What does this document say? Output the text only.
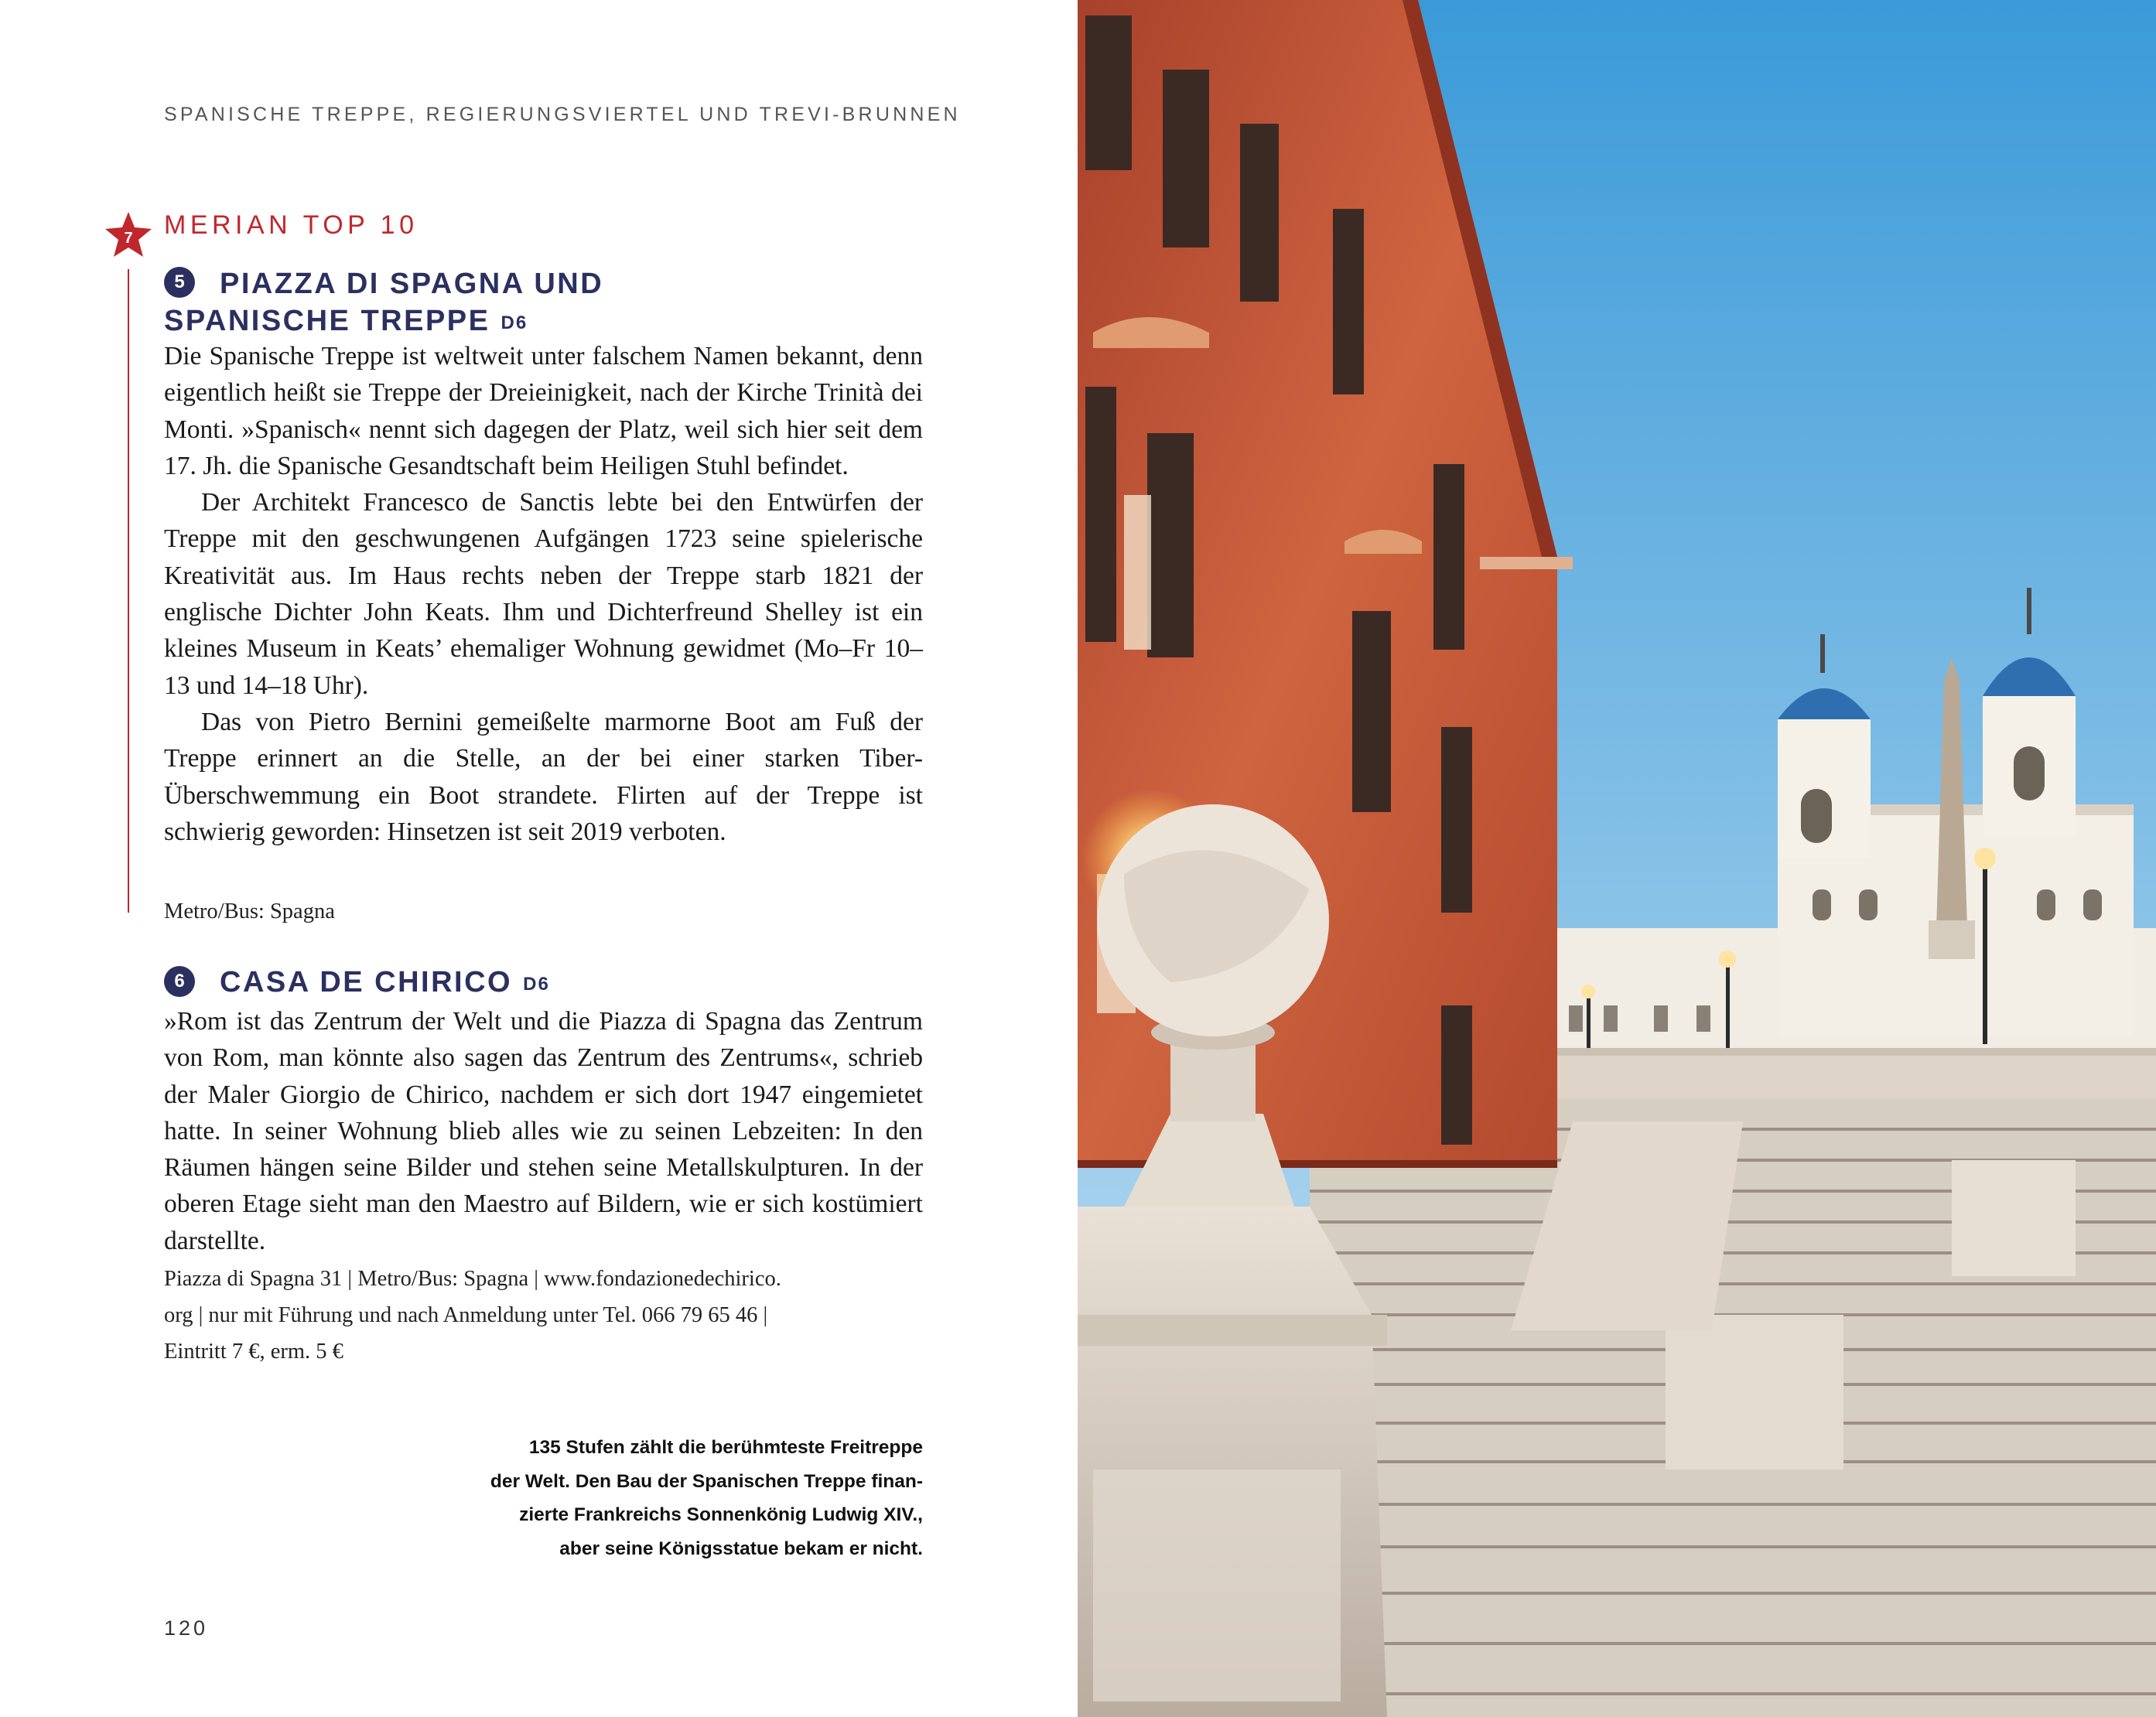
SPANISCHE TREPPE, REGIERUNGSVIERTEL UND TREVI-BRUNNEN
7 MERIAN TOP 10
5	PIAZZA DI SPAGNA UND
SPANISCHE TREPPE D6

Die Spanische Treppe ist weltweit unter falschem Namen bekannt, denn eigentlich heißt sie Treppe der Dreieinigkeit, nach der Kirche Trinità dei Monti. »Spanisch« nennt sich dagegen der Platz, weil sich hier seit dem 17. Jh. die Spanische Gesandtschaft beim Heiligen Stuhl befindet.

Der Architekt Francesco de Sanctis lebte bei den Entwürfen der Treppe mit den geschwungenen Aufgängen 1723 seine spielerische Kreativität aus. Im Haus rechts neben der Treppe starb 1821 der englische Dichter John Keats. Ihm und Dichterfreund Shelley ist ein kleines Museum in Keats’ ehemaliger Wohnung gewidmet (Mo–Fr 10–13 und 14–18 Uhr).

Das von Pietro Bernini gemeißelte marmorne Boot am Fuß der Treppe erinnert an die Stelle, an der bei einer starken Tiber-Überschwemmung ein Boot strandete. Flirten auf der Treppe ist schwierig geworden: Hinsetzen ist seit 2019 verboten.

Metro/Bus: Spagna
6	CASA DE CHIRICO D6

»Rom ist das Zentrum der Welt und die Piazza di Spagna das Zentrum von Rom, man könnte also sagen das Zentrum des Zentrums«, schrieb der Maler Giorgio de Chirico, nachdem er sich dort 1947 eingemietet hatte. In seiner Wohnung blieb alles wie zu seinen Lebzeiten: In den Räumen hängen seine Bilder und stehen seine Metallskulpturen. In der oberen Etage sieht man den Maestro auf Bildern, wie er sich kostümiert darstellte.

Piazza di Spagna 31 | Metro/Bus: Spagna | www.fondazionedechirico.
org | nur mit Führung und nach Anmeldung unter Tel. 066 79 65 46 |
Eintritt 7 €, erm. 5 €
135 Stufen zählt die berühmteste Freitreppe
der Welt. Den Bau der Spanischen Treppe finan-
zierte Frankreichs Sonnenkönig Ludwig XIV.,
aber seine Königsstatue bekam er nicht.
120
